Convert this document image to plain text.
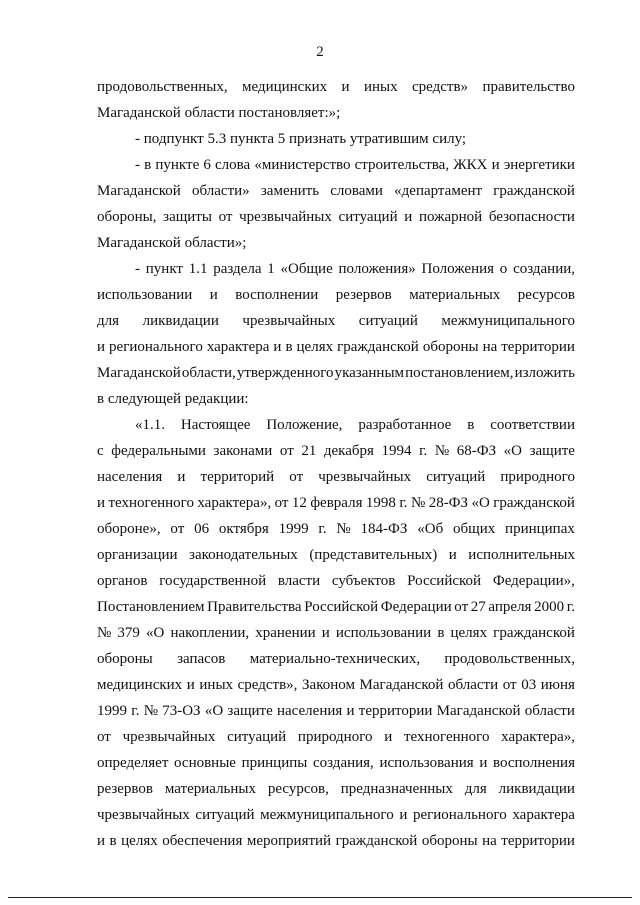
2
продовольственных, медицинских и иных средств» правительство
Магаданской области постановляет:»;
- подпункт 5.3 пункта 5 признать утратившим силу;
- в пункте 6 слова «министерство строительства, ЖКХ и энергетики
Магаданской области» заменить словами «департамент гражданской
обороны, защиты от чрезвычайных ситуаций и пожарной безопасности
Магаданской области»;
- пункт 1.1 раздела 1 «Общие положения» Положения о создании,
использовании и восполнении резервов материальных ресурсов
для ликвидации чрезвычайных ситуаций межмуниципального
и регионального характера и в целях гражданской обороны на территории
Магаданской области, утвержденного указанным постановлением, изложить
в следующей редакции:
«1.1. Настоящее Положение, разработанное в соответствии
с федеральными законами от 21 декабря 1994 г. № 68-ФЗ «О защите
населения и территорий от чрезвычайных ситуаций природного
и техногенного характера», от 12 февраля 1998 г. № 28-ФЗ «О гражданской
обороне», от 06 октября 1999 г. № 184-ФЗ «Об общих принципах
организации законодательных (представительных) и исполнительных
органов государственной власти субъектов Российской Федерации»,
Постановлением Правительства Российской Федерации от 27 апреля 2000 г.
№ 379 «О накоплении, хранении и использовании в целях гражданской
обороны запасов материально-технических, продовольственных,
медицинских и иных средств», Законом Магаданской области от 03 июня
1999 г. № 73-ОЗ «О защите населения и территории Магаданской области
от чрезвычайных ситуаций природного и техногенного характера»,
определяет основные принципы создания, использования и восполнения
резервов материальных ресурсов, предназначенных для ликвидации
чрезвычайных ситуаций межмуниципального и регионального характера
и в целях обеспечения мероприятий гражданской обороны на территории
